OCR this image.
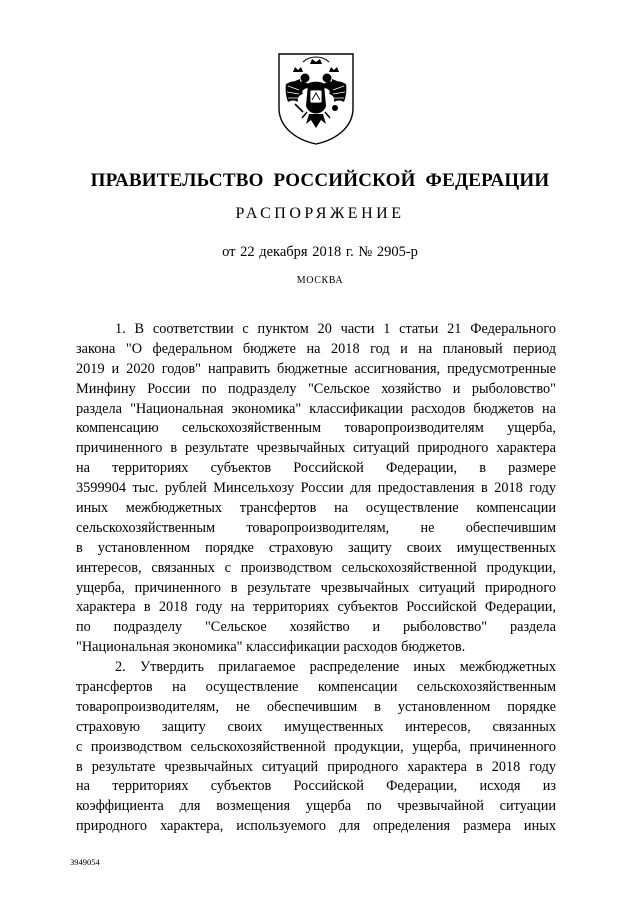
ПРАВИТЕЛЬСТВО РОССИЙСКОЙ ФЕДЕРАЦИИ
РАСПОРЯЖЕНИЕ
от 22 декабря 2018 г. № 2905-р
МОСКВА
1. В соответствии с пунктом 20 части 1 статьи 21 Федерального
закона "О федеральном бюджете на 2018 год и на плановый период
2019 и 2020 годов" направить бюджетные ассигнования, предусмотренные
Минфину России по подразделу "Сельское хозяйство и рыболовство"
раздела "Национальная экономика" классификации расходов бюджетов на
компенсацию сельскохозяйственным товаропроизводителям ущерба,
причиненного в результате чрезвычайных ситуаций природного характера
на территориях субъектов Российской Федерации, в размере
3599904 тыс. рублей Минсельхозу России для предоставления в 2018 году
иных межбюджетных трансфертов на осуществление компенсации
сельскохозяйственным товаропроизводителям, не обеспечившим
в установленном порядке страховую защиту своих имущественных
интересов, связанных с производством сельскохозяйственной продукции,
ущерба, причиненного в результате чрезвычайных ситуаций природного
характера в 2018 году на территориях субъектов Российской Федерации,
по подразделу "Сельское хозяйство и рыболовство" раздела
"Национальная экономика" классификации расходов бюджетов.
2. Утвердить прилагаемое распределение иных межбюджетных
трансфертов на осуществление компенсации сельскохозяйственным
товаропроизводителям, не обеспечившим в установленном порядке
страховую защиту своих имущественных интересов, связанных
с производством сельскохозяйственной продукции, ущерба, причиненного
в результате чрезвычайных ситуаций природного характера в 2018 году
на территориях субъектов Российской Федерации, исходя из
коэффициента для возмещения ущерба по чрезвычайной ситуации
природного характера, используемого для определения размера иных
3949054
